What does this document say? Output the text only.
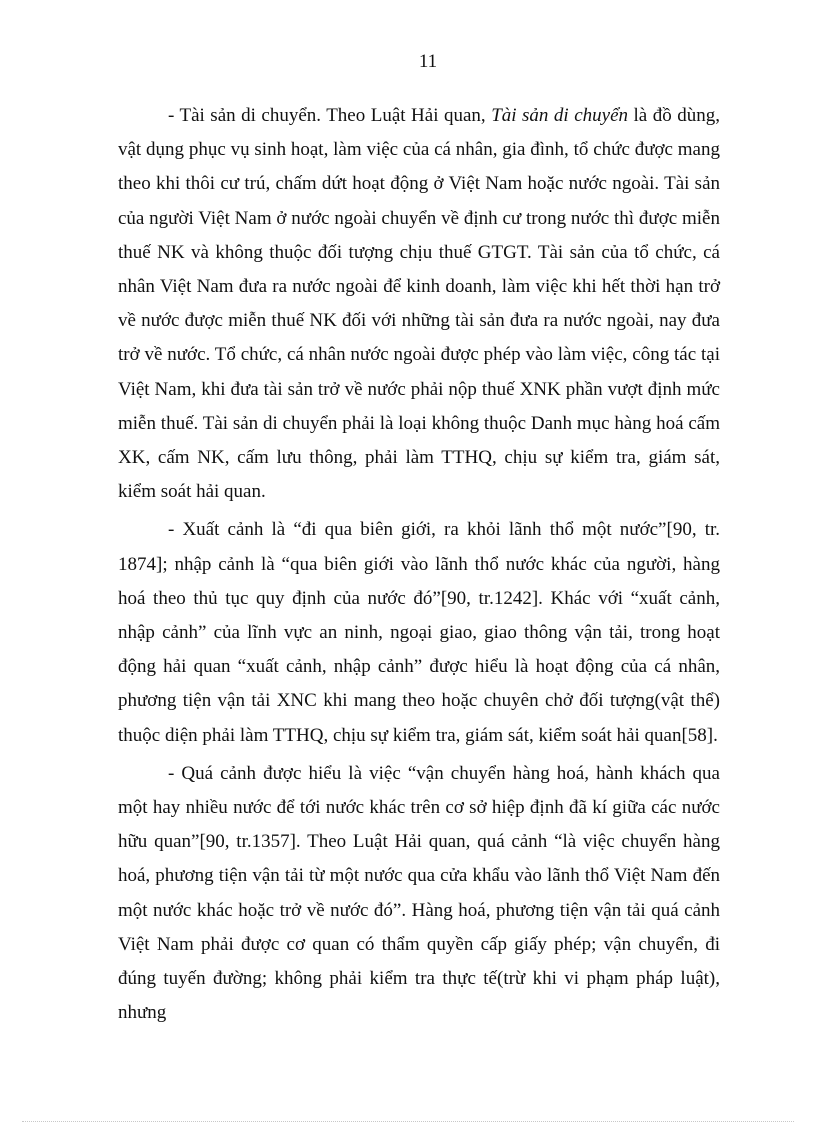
11

- Tài sản di chuyển. Theo Luật Hải quan, Tài sản di chuyển là đồ dùng, vật dụng phục vụ sinh hoạt, làm việc của cá nhân, gia đình, tổ chức được mang theo khi thôi cư trú, chấm dứt hoạt động ở Việt Nam hoặc nước ngoài. Tài sản của người Việt Nam ở nước ngoài chuyển về định cư trong nước thì được miễn thuế NK và không thuộc đối tượng chịu thuế GTGT. Tài sản của tổ chức, cá nhân Việt Nam đưa ra nước ngoài để kinh doanh, làm việc khi hết thời hạn trở về nước được miễn thuế NK đối với những tài sản đưa ra nước ngoài, nay đưa trở về nước. Tổ chức, cá nhân nước ngoài được phép vào làm việc, công tác tại Việt Nam, khi đưa tài sản trở về nước phải nộp thuế XNK phần vượt định mức miễn thuế. Tài sản di chuyển phải là loại không thuộc Danh mục hàng hoá cấm XK, cấm NK, cấm lưu thông, phải làm TTHQ, chịu sự kiểm tra, giám sát, kiểm soát hải quan.

- Xuất cảnh là “đi qua biên giới, ra khỏi lãnh thổ một nước”[90, tr. 1874]; nhập cảnh là “qua biên giới vào lãnh thổ nước khác của người, hàng hoá theo thủ tục quy định của nước đó”[90, tr.1242]. Khác với “xuất cảnh, nhập cảnh” của lĩnh vực an ninh, ngoại giao, giao thông vận tải, trong hoạt động hải quan “xuất cảnh, nhập cảnh” được hiểu là hoạt động của cá nhân, phương tiện vận tải XNC khi mang theo hoặc chuyên chở đối tượng(vật thể) thuộc diện phải làm TTHQ, chịu sự kiểm tra, giám sát, kiểm soát hải quan[58].

- Quá cảnh được hiểu là việc “vận chuyển hàng hoá, hành khách qua một hay nhiều nước để tới nước khác trên cơ sở hiệp định đã kí giữa các nước hữu quan”[90, tr.1357]. Theo Luật Hải quan, quá cảnh “là việc chuyển hàng hoá, phương tiện vận tải từ một nước qua cửa khẩu vào lãnh thổ Việt Nam đến một nước khác hoặc trở về nước đó”. Hàng hoá, phương tiện vận tải quá cảnh Việt Nam phải được cơ quan có thẩm quyền cấp giấy phép; vận chuyển, đi đúng tuyến đường; không phải kiểm tra thực tế(trừ khi vi phạm pháp luật), nhưng
